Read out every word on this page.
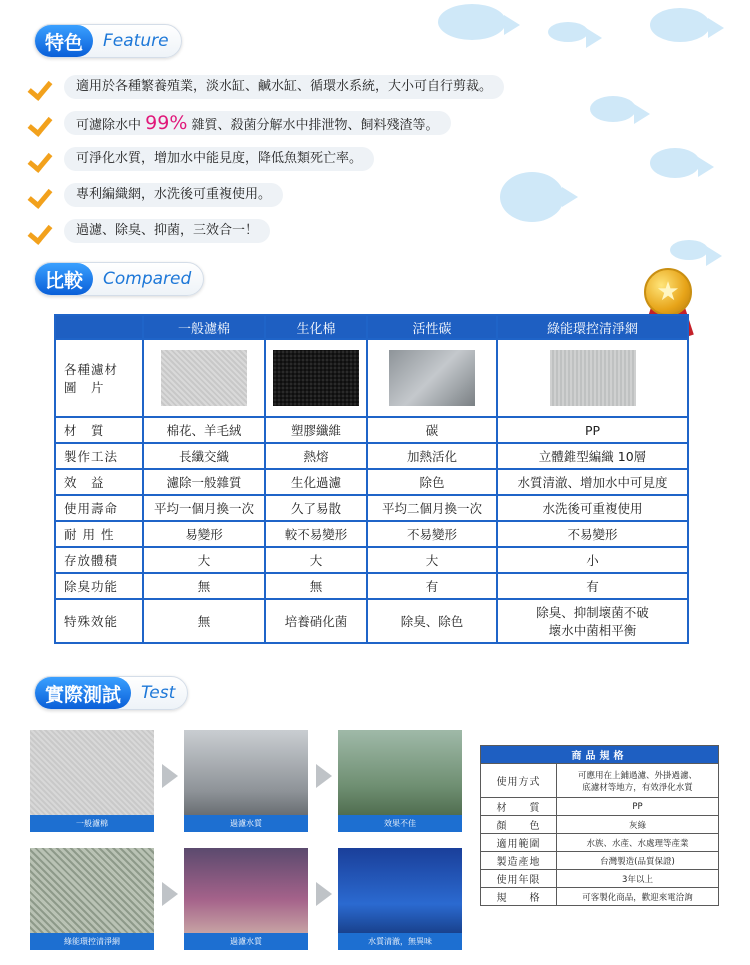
特色	Feature
適用於各種繁養殖業，淡水缸、鹹水缸、循環水系統，大小可自行剪裁。
可濾除水中 99% 雜質、殺菌分解水中排泄物、飼料殘渣等。
可淨化水質，增加水中能見度，降低魚類死亡率。
專利編織網，水洗後可重複使用。
過濾、除臭、抑菌，三效合一！
比較	Compared	★
	一般濾棉	生化棉	活性碳	綠能環控清淨網

各種濾材
圖　片				

材　質	棉花、羊毛絨	塑膠纖維	碳	PP
製作工法	長纖交織	熱熔	加熱活化	立體錐型編織 10層
效　益	濾除一般雜質	生化過濾	除色	水質清澈、增加水中可見度
使用壽命	平均一個月換一次	久了易散	平均二個月換一次	水洗後可重複使用
耐 用 性	易變形	較不易變形	不易變形	不易變形
存放體積	大	大	大	小
除臭功能	無	無	有	有
特殊效能	無	培養硝化菌	除臭、除色	除臭、抑制壞菌不破
壞水中菌相平衡
實際測試	Test
一般濾棉	過濾水質	效果不佳
綠能環控清淨網	過濾水質	水質清澈，無異味
商品規格	
使用方式	可應用在上鋪過濾、外掛過濾、
底濾材等地方，有效淨化水質

材　　質	PP
顏　　色	灰綠
適用範圍	水族、水產、水處理等產業
製造產地	台灣製造(品質保證)
使用年限	3年以上
規　　格	可客製化商品，歡迎來電洽詢
